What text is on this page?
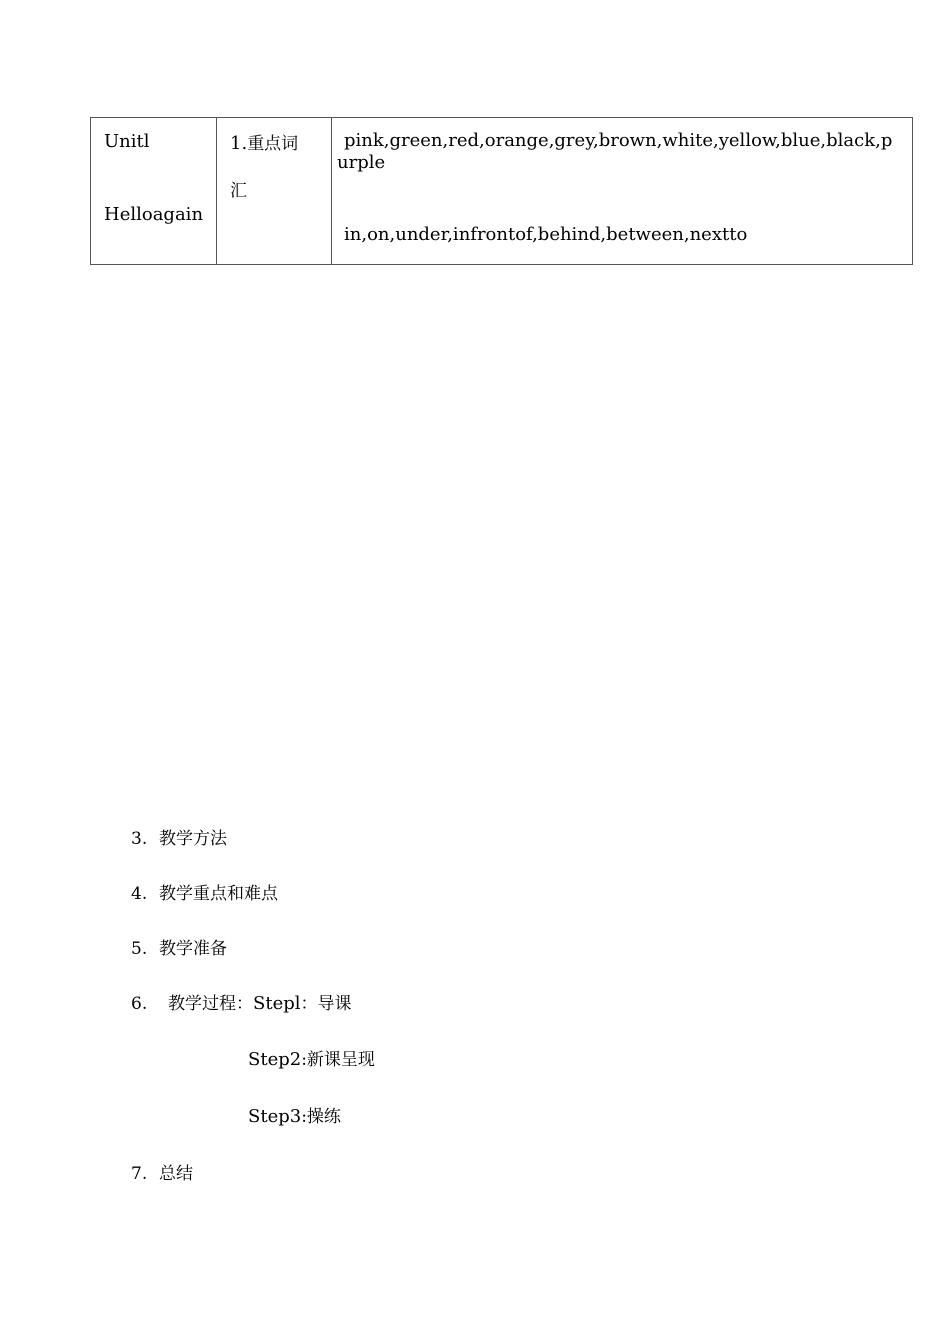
Unitl
Helloagain
1.重点词
汇
pink,green,red,orange,grey,brown,white,yellow,blue,black,purple
in,on,under,infrontof,behind,between,nextto
3. 教学方法
4. 教学重点和难点
5. 教学准备
6. 教学过程：Stepl：导课
Step2:新课呈现
Step3:操练
7. 总结
